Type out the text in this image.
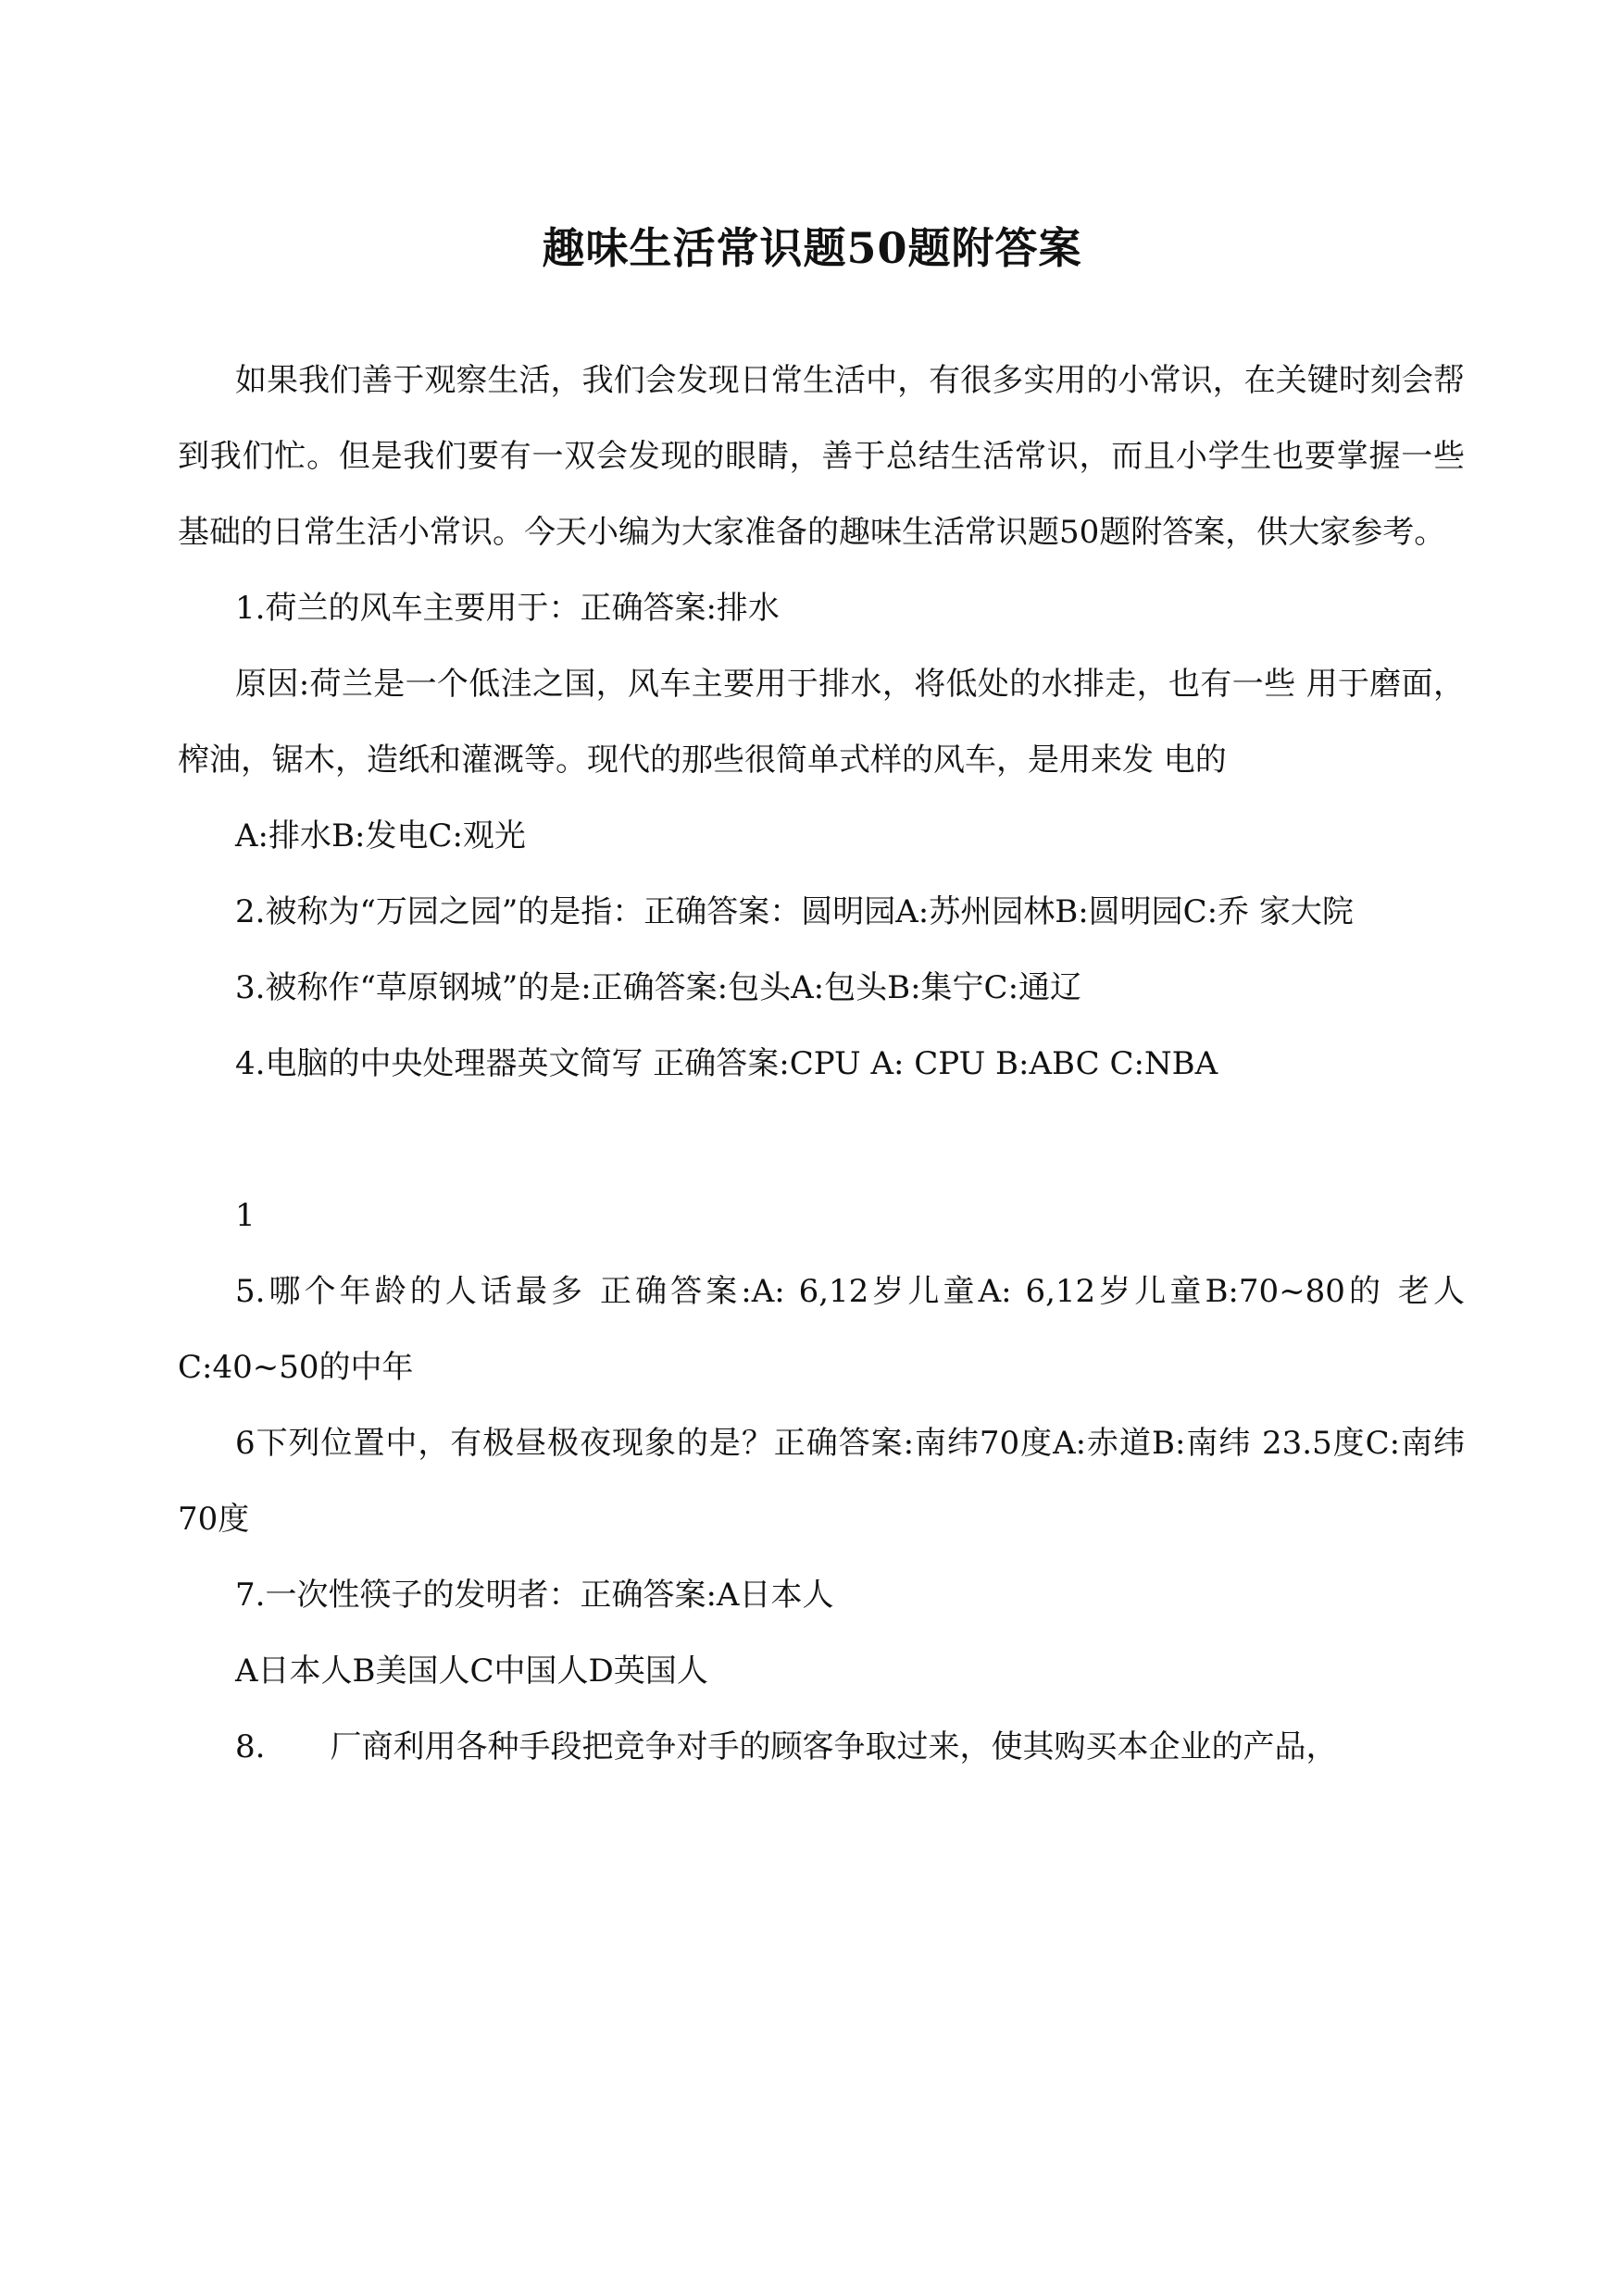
趣味生活常识题50题附答案

如果我们善于观察生活，我们会发现日常生活中，有很多实用的小常识，在关键时刻会帮到我们忙。但是我们要有一双会发现的眼睛，善于总结生活常识，而且小学生也要掌握一些基础的日常生活小常识。今天小编为大家准备的趣味生活常识题50题附答案，供大家参考。

1.荷兰的风车主要用于：正确答案:排水

原因:荷兰是一个低洼之国，风车主要用于排水，将低处的水排走，也有一些 用于磨面，榨油，锯木，造纸和灌溉等。现代的那些很简单式样的风车，是用来发 电的

A:排水B:发电C:观光

2.被称为“万园之园”的是指：正确答案：圆明园A:苏州园林B:圆明园C:乔 家大院

3.被称作“草原钢城”的是:正确答案:包头A:包头B:集宁C:通辽

4.电脑的中央处理器英文简写 正确答案:CPU A: CPU B:ABC C:NBA

1

5.哪个年龄的人话最多 正确答案:A: 6,12岁儿童A: 6,12岁儿童B:70~80的 老人C:40~50的中年

6下列位置中，有极昼极夜现象的是？正确答案:南纬70度A:赤道B:南纬 23.5度C:南纬70度

7.一次性筷子的发明者：正确答案:A日本人

A日本人B美国人C中国人D英国人

8. 厂商利用各种手段把竞争对手的顾客争取过来，使其购买本企业的产品，
